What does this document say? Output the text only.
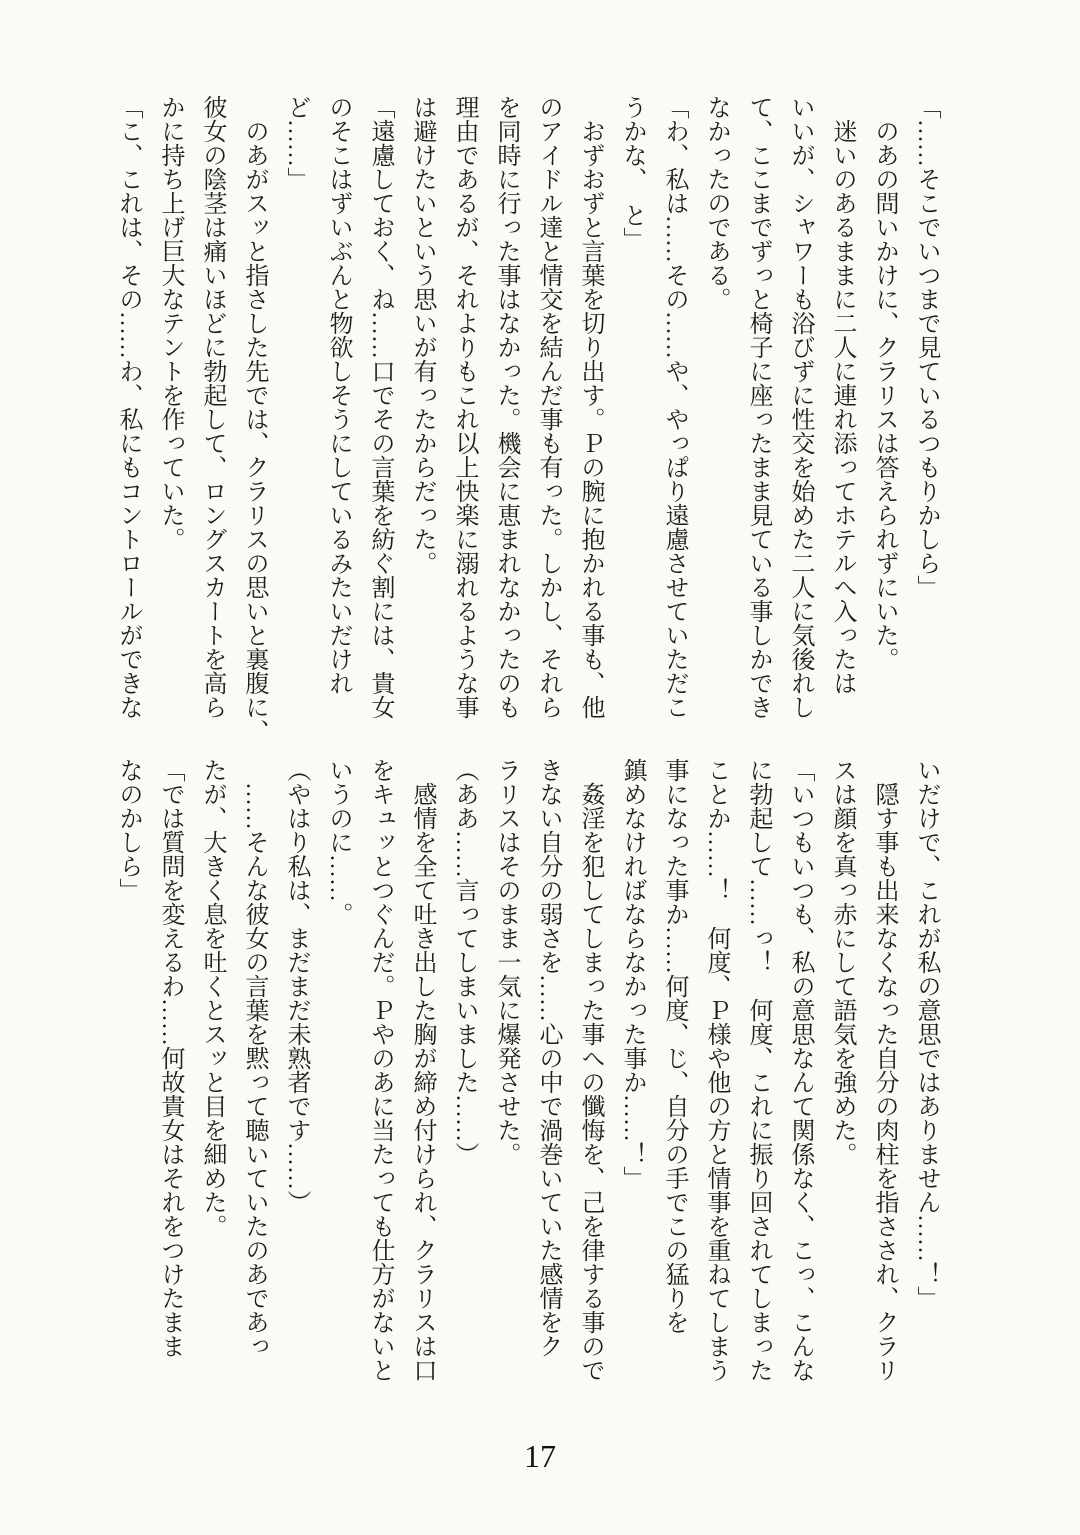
「……そこでいつまで見ているつもりかしら」

　のあの問いかけに、クラリスは答えられずにいた。

　迷いのあるままに二人に連れ添ってホテルへ入ったは

いいが、シャワーも浴びずに性交を始めた二人に気後れし

て、ここまでずっと椅子に座ったまま見ている事しかでき

なかったのである。

「わ、私は……その……や、やっぱり遠慮させていただこ

うかな、　と」

　おずおずと言葉を切り出す。Ｐの腕に抱かれる事も、他

のアイドル達と情交を結んだ事も有った。しかし、それら

を同時に行った事はなかった。機会に恵まれなかったのも

理由であるが、それよりもこれ以上快楽に溺れるような事

は避けたいという思いが有ったからだった。

「遠慮しておく、ね……口でその言葉を紡ぐ割には、貴女

のそこはずいぶんと物欲しそうにしているみたいだけれ

ど……」

　のあがスッと指さした先では、クラリスの思いと裏腹に、

彼女の陰茎は痛いほどに勃起して、ロングスカートを高ら

かに持ち上げ巨大なテントを作っていた。

「こ、これは、その……わ、私にもコントロールができな

いだけで、これが私の意思ではありません……！」

　隠す事も出来なくなった自分の肉柱を指さされ、クラリ

スは顔を真っ赤にして語気を強めた。

「いつもいつも、私の意思なんて関係なく、こっ、こんな

に勃起して……っ！　何度、これに振り回されてしまった

ことか……！　何度、Ｐ様や他の方と情事を重ねてしまう

事になった事か……何度、じ、自分の手でこの猛りを

鎮めなければならなかった事か……！」

　姦淫を犯してしまった事への懺悔を、己を律する事ので

きない自分の弱さを……心の中で渦巻いていた感情をク

ラリスはそのまま一気に爆発させた。

（ああ……言ってしまいました……）

　感情を全て吐き出した胸が締め付けられ、クラリスは口

をキュッとつぐんだ。Ｐやのあに当たっても仕方がないと

いうのに……。

（やはり私は、まだまだ未熟者です……）

　……そんな彼女の言葉を黙って聴いていたのあであっ

たが、大きく息を吐くとスッと目を細めた。

「では質問を変えるわ……何故貴女はそれをつけたまま

なのかしら」

17
